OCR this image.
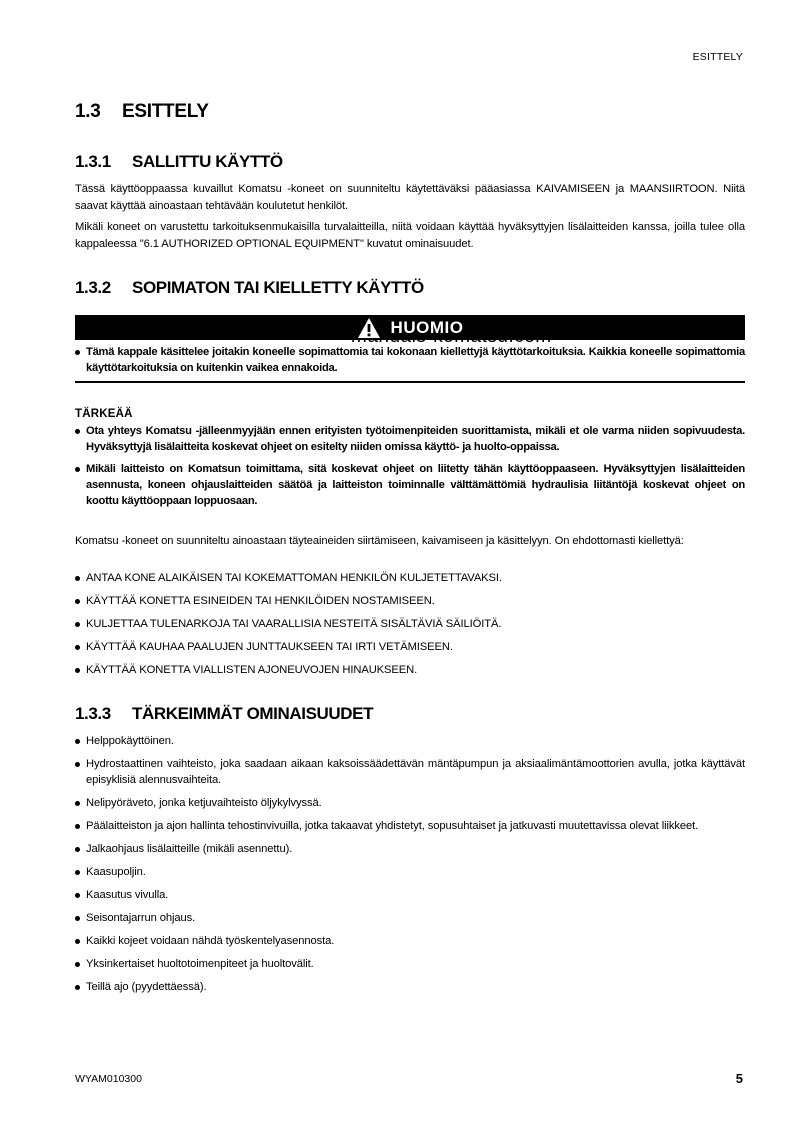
ESITTELY
1.3 ESITTELY
1.3.1 SALLITTU KÄYTTÖ
Tässä käyttöoppaassa kuvaillut Komatsu -koneet on suunniteltu käytettäväksi pääasiassa KAIVAMISEEN ja MAANSIIRTOON. Niitä saavat käyttää ainoastaan tehtävään koulutetut henkilöt.
Mikäli koneet on varustettu tarkoituksenmukaisilla turvalaitteilla, niitä voidaan käyttää hyväksyttyjen lisälaitteiden kanssa, joilla tulee olla kappaleessa "6.1 AUTHORIZED OPTIONAL EQUIPMENT" kuvatut ominaisuudet.
1.3.2 SOPIMATON TAI KIELLETTY KÄYTTÖ
HUOMIO
Tämä kappale käsittelee joitakin koneelle sopimattomia tai kokonaan kiellettyjä käyttötarkoituksia. Kaikkia koneelle sopimattomia käyttötarkoituksia on kuitenkin vaikea ennakoida.
TÄRKEÄÄ
Ota yhteys Komatsu -jälleenmyyjään ennen erityisten työtoimenpiteiden suorittamista, mikäli et ole varma niiden sopivuudesta. Hyväksyttyjä lisälaitteita koskevat ohjeet on esitelty niiden omissa käyttö- ja huolto-oppaissa.
Mikäli laitteisto on Komatsun toimittama, sitä koskevat ohjeet on liitetty tähän käyttöoppaaseen. Hyväksyttyjen lisälaitteiden asennusta, koneen ohjauslaitteiden säätöä ja laitteiston toiminnalle välttämättömiä hydraulisia liitäntöjä koskevat ohjeet on koottu käyttöoppaan loppuosaan.
Komatsu -koneet on suunniteltu ainoastaan täyteaineiden siirtämiseen, kaivamiseen ja käsittelyyn. On ehdottomasti kiellettyä:
ANTAA KONE ALAIKÄISEN TAI KOKEMATTOMAN HENKILÖN KULJETETTAVAKSI.
KÄYTTÄÄ KONETTA ESINEIDEN TAI HENKILÖIDEN NOSTAMISEEN.
KULJETTAA TULENARKOJA TAI VAARALLISIA NESTEITÄ SISÄLTÄVIÄ SÄILIÖITÄ.
KÄYTTÄÄ KAUHAA PAALUJEN JUNTTAUKSEEN TAI IRTI VETÄMISEEN.
KÄYTTÄÄ KONETTA VIALLISTEN AJONEUVOJEN HINAUKSEEN.
1.3.3 TÄRKEIMMÄT OMINAISUUDET
Helppokäyttöinen.
Hydrostaattinen vaihteisto, joka saadaan aikaan kaksoissäädettävän mäntäpumpun ja aksiaalimäntämoottorien avulla, jotka käyttävät episyklisiä alennusvaihteita.
Nelipyöräveto, jonka ketjuvaihteisto öljykylvyssä.
Päälaitteiston ja ajon hallinta tehostinvivuilla, jotka takaavat yhdistetyt, sopusuhtaiset ja jatkuvasti muutettavissa olevat liikkeet.
Jalkaohjaus lisälaitteille (mikäli asennettu).
Kaasupoljin.
Kaasutus vivulla.
Seisontajarrun ohjaus.
Kaikki kojeet voidaan nähdä työskentelyasennosta.
Yksinkertaiset huoltotoimenpiteet ja huoltovälit.
Teillä ajo (pyydettäessä).
WYAM010300	5
